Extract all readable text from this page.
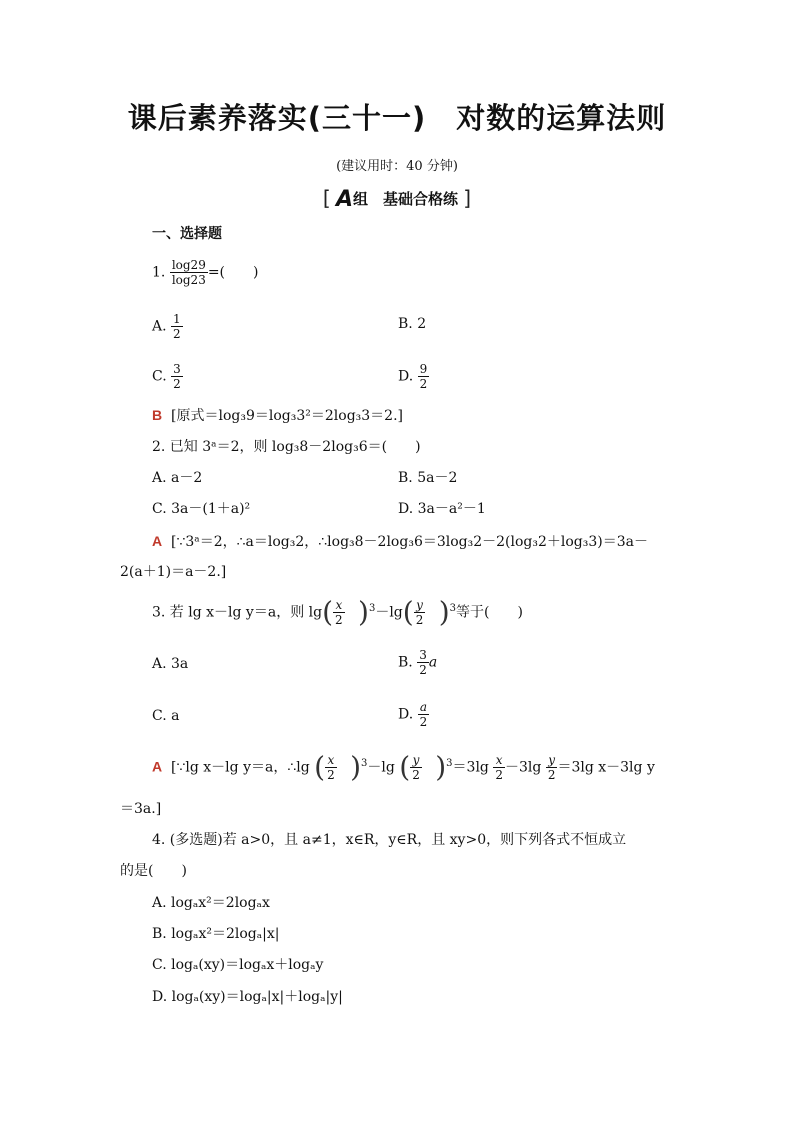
课后素养落实(三十一)　对数的运算法则
(建议用时：40 分钟)
[ A组　基础合格练 ]
一、选择题
1. $\frac{\log 29}{\log 23}$ =(　　)
A. $\frac{1}{2}$	B. 2
C. $\frac{3}{2}$	D. $\frac{9}{2}$
B [原式＝log₃9＝log₃3²＝2log₃3＝2.]
2. 已知 3ᵃ＝2，则 log₃8－2log₃6＝(　　)
A. a－2	B. 5a－2
C. 3a－(1＋a)²	D. 3a－a²－1
A [∵3ᵃ＝2，∴a＝log₃2，∴log₃8－2log₃6＝3log₃2－2(log₃2＋log₃3)＝3a－
2(a＋1)＝a－2.]
3. 若 lg x－lg y＝a，则 $\lg( \frac{x}{2} )^3-\lg( \frac{y}{2} )^3$等于(　　)
A. 3a	B. $\frac{3}{2}$ a
C. a	D. $\frac{a}{2}$
A [∵lg x－lg y＝a，∴lg ( $\frac{x}{2} )^3-\lg$ ( $\frac{y}{2} )^3=3\lg \frac{x}{2} -3\lg \frac{y}{2} =3\lg$ x－3lg y
＝3a.]
4. (多选题)若 a>0，且 a≠1，x∈R，y∈R，且 xy>0，则下列各式不恒成立
的是(　　)
A. logₐx²＝2logₐx
B. logₐx²＝2logₐ|x|
C. logₐ(xy)＝logₐx＋logₐy
D. logₐ(xy)＝logₐ|x|＋logₐ|y|
